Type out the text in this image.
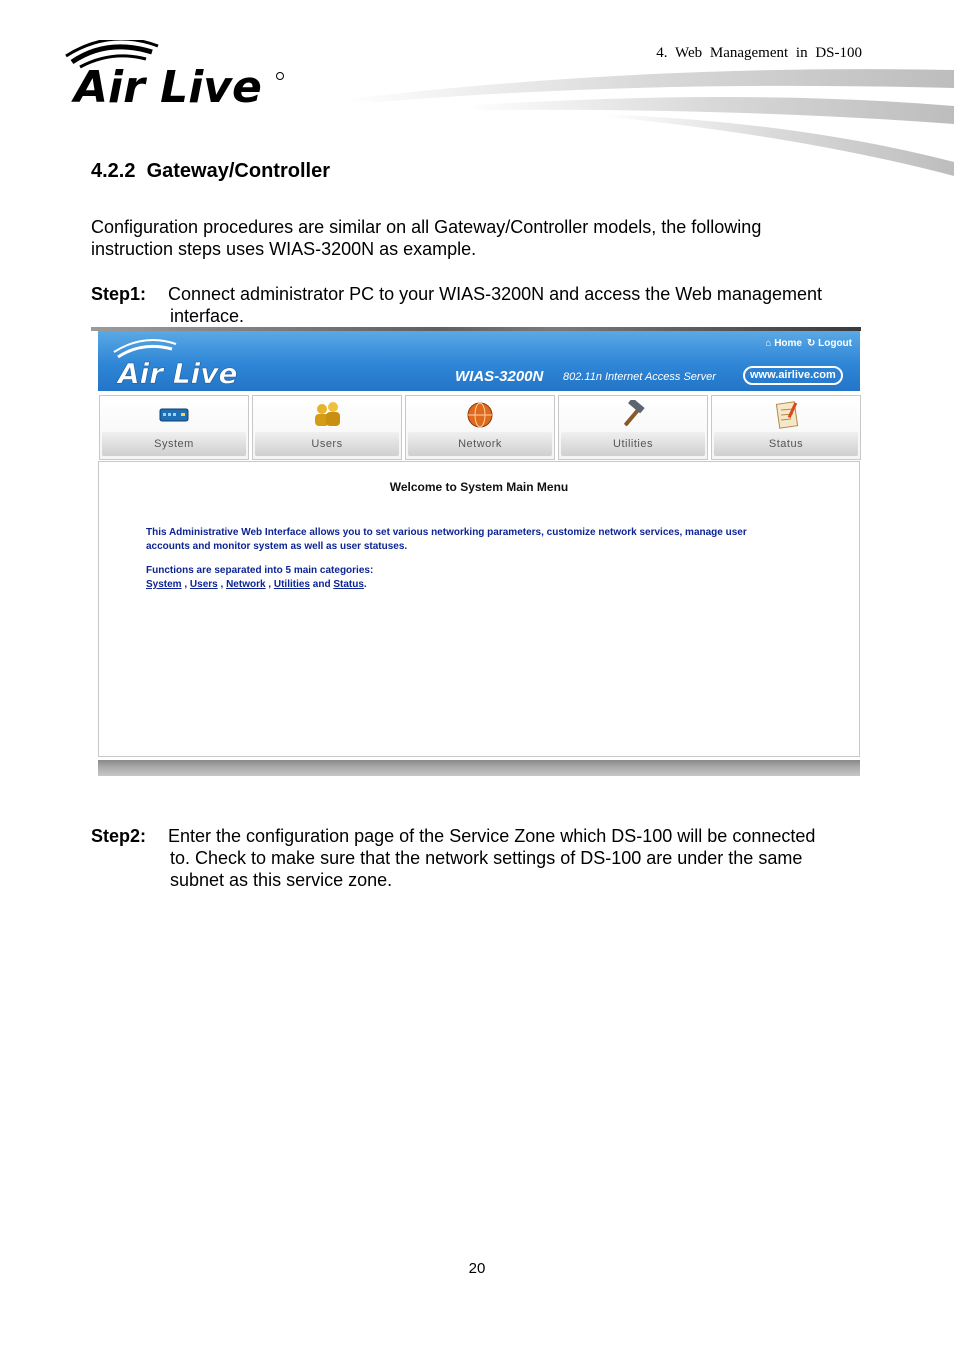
Air Live
4. Web Management in DS-100
4.2.2  Gateway/Controller
Configuration procedures are similar on all Gateway/Controller models, the following
instruction steps uses WIAS-3200N as example.
Step1: Connect administrator PC to your WIAS-3200N and access the Web management
interface.
Air Live
⌂ Home ↻ Logout
WIAS-3200N 802.11n Internet Access Server	www.airlive.com
System	Users	Network	Utilities	Status
Welcome to System Main Menu
This Administrative Web Interface allows you to set various networking parameters, customize network services, manage user
accounts and monitor system as well as user statuses.
Functions are separated into 5 main categories:
System , Users , Network , Utilities and Status.
Step2: Enter the configuration page of the Service Zone which DS-100 will be connected
to. Check to make sure that the network settings of DS-100 are under the same
subnet as this service zone.
20
